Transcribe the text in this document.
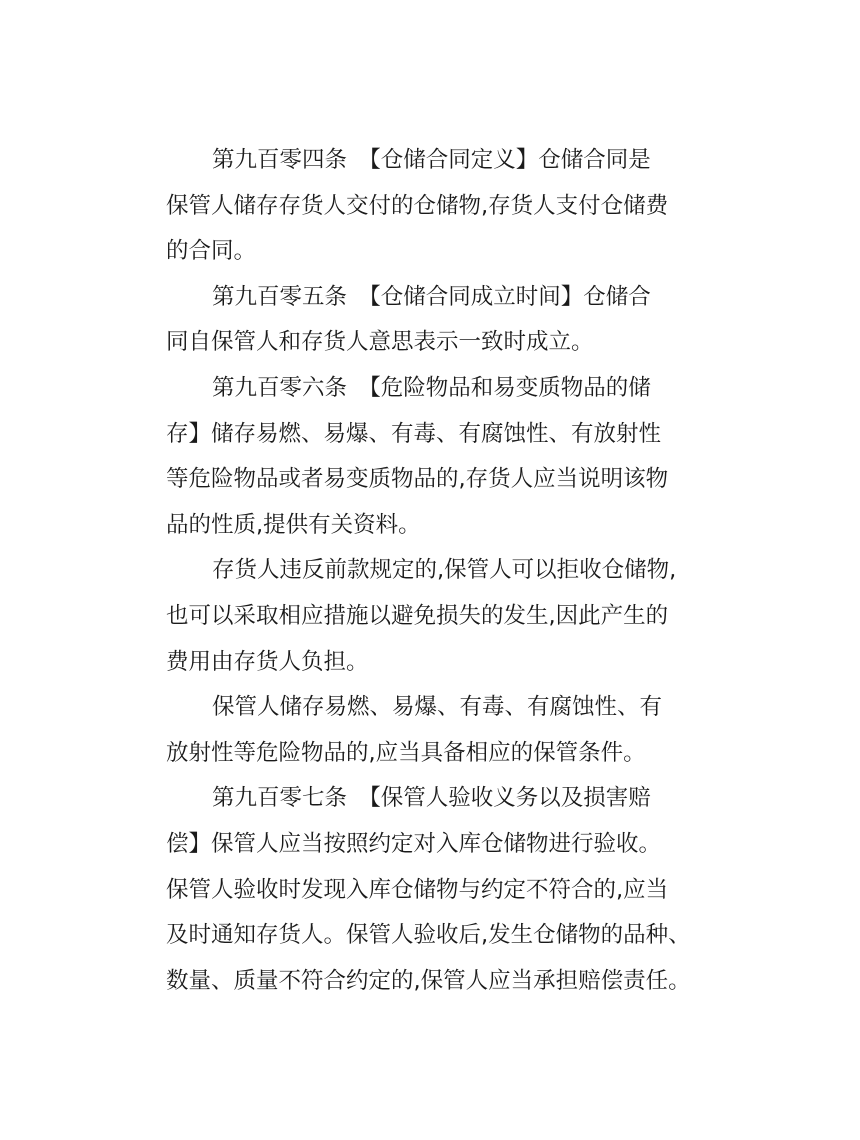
第九百零四条　【仓储合同定义】仓储合同是
保管人储存存货人交付的仓储物,存货人支付仓储费
的合同。
第九百零五条　【仓储合同成立时间】仓储合
同自保管人和存货人意思表示一致时成立。
第九百零六条　【危险物品和易变质物品的储
存】储存易燃、易爆、有毒、有腐蚀性、有放射性
等危险物品或者易变质物品的,存货人应当说明该物
品的性质,提供有关资料。
存货人违反前款规定的,保管人可以拒收仓储物,
也可以采取相应措施以避免损失的发生,因此产生的
费用由存货人负担。
保管人储存易燃、易爆、有毒、有腐蚀性、有
放射性等危险物品的,应当具备相应的保管条件。
第九百零七条　【保管人验收义务以及损害赔
偿】保管人应当按照约定对入库仓储物进行验收。
保管人验收时发现入库仓储物与约定不符合的,应当
及时通知存货人。保管人验收后,发生仓储物的品种、
数量、质量不符合约定的,保管人应当承担赔偿责任。
